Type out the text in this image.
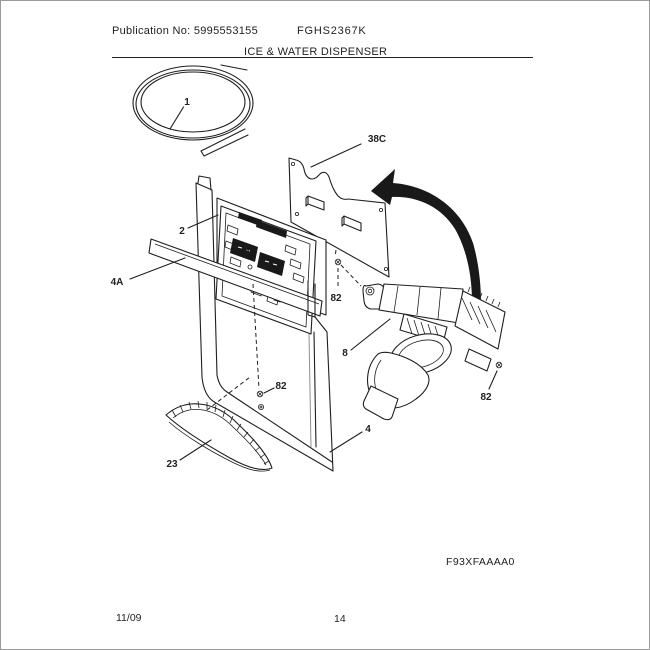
Publication No: 5995553155	FGHS2367K
ICE & WATER DISPENSER
1
2
4A
38C
82
8
82
82
4
23
F93XFAAAA0
11/09	14
